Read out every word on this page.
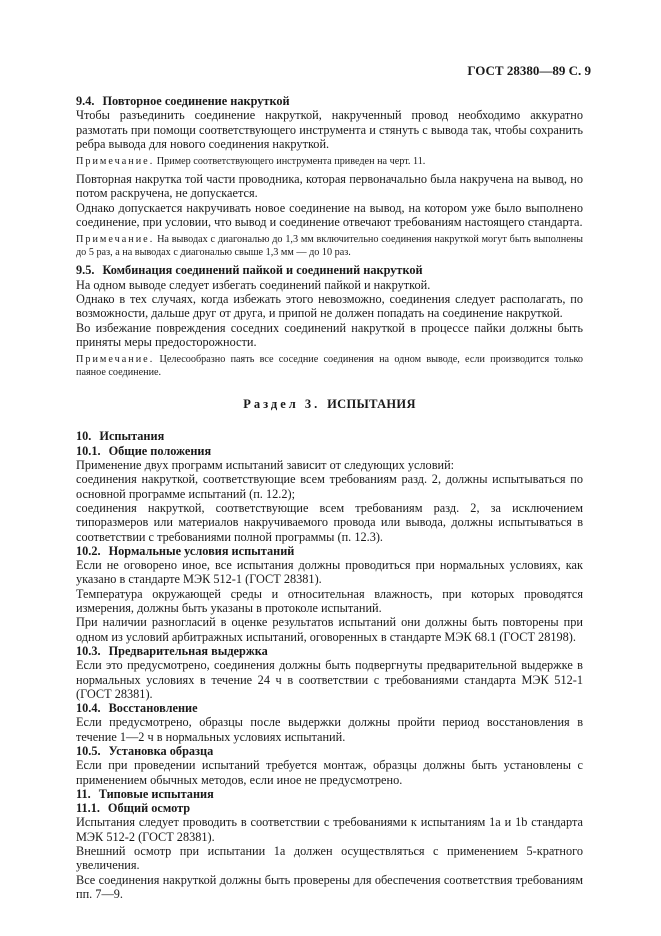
ГОСТ 28380—89 С. 9

9.4. Повторное соединение накруткой

Чтобы разъединить соединение накруткой, накрученный провод необходимо аккуратно размотать при помощи соответствующего инструмента и стянуть с вывода так, чтобы сохранить ребра вывода для нового соединения накруткой.

Примечание. Пример соответствующего инструмента приведен на черт. 11.

Повторная накрутка той части проводника, которая первоначально была накручена на вывод, но потом раскручена, не допускается.

Однако допускается накручивать новое соединение на вывод, на котором уже было выполнено соединение, при условии, что вывод и соединение отвечают требованиям настоящего стандарта.

Примечание. На выводах с диагональю до 1,3 мм включительно соединения накруткой могут быть выполнены до 5 раз, а на выводах с диагональю свыше 1,3 мм — до 10 раз.

9.5. Комбинация соединений пайкой и соединений накруткой

На одном выводе следует избегать соединений пайкой и накруткой.

Однако в тех случаях, когда избежать этого невозможно, соединения следует располагать, по возможности, дальше друг от друга, и припой не должен попадать на соединение накруткой.

Во избежание повреждения соседних соединений накруткой в процессе пайки должны быть приняты меры предосторожности.

Примечание. Целесообразно паять все соседние соединения на одном выводе, если производится только паяное соединение.

Раздел 3. ИСПЫТАНИЯ

10. Испытания

10.1. Общие положения

Применение двух программ испытаний зависит от следующих условий:

соединения накруткой, соответствующие всем требованиям разд. 2, должны испытываться по основной программе испытаний (п. 12.2);

соединения накруткой, соответствующие всем требованиям разд. 2, за исключением типоразмеров или материалов накручиваемого провода или вывода, должны испытываться в соответствии с требованиями полной программы (п. 12.3).

10.2. Нормальные условия испытаний

Если не оговорено иное, все испытания должны проводиться при нормальных условиях, как указано в стандарте МЭК 512-1 (ГОСТ 28381).

Температура окружающей среды и относительная влажность, при которых проводятся измерения, должны быть указаны в протоколе испытаний.

При наличии разногласий в оценке результатов испытаний они должны быть повторены при одном из условий арбитражных испытаний, оговоренных в стандарте МЭК 68.1 (ГОСТ 28198).

10.3. Предварительная выдержка

Если это предусмотрено, соединения должны быть подвергнуты предварительной выдержке в нормальных условиях в течение 24 ч в соответствии с требованиями стандарта МЭК 512-1 (ГОСТ 28381).

10.4. Восстановление

Если предусмотрено, образцы после выдержки должны пройти период восстановления в течение 1—2 ч в нормальных условиях испытаний.

10.5. Установка образца

Если при проведении испытаний требуется монтаж, образцы должны быть установлены с применением обычных методов, если иное не предусмотрено.

11. Типовые испытания

11.1. Общий осмотр

Испытания следует проводить в соответствии с требованиями к испытаниям 1а и 1b стандарта МЭК 512-2 (ГОСТ 28381).

Внешний осмотр при испытании 1а должен осуществляться с применением 5-кратного увеличения.

Все соединения накруткой должны быть проверены для обеспечения соответствия требованиям пп. 7—9.
